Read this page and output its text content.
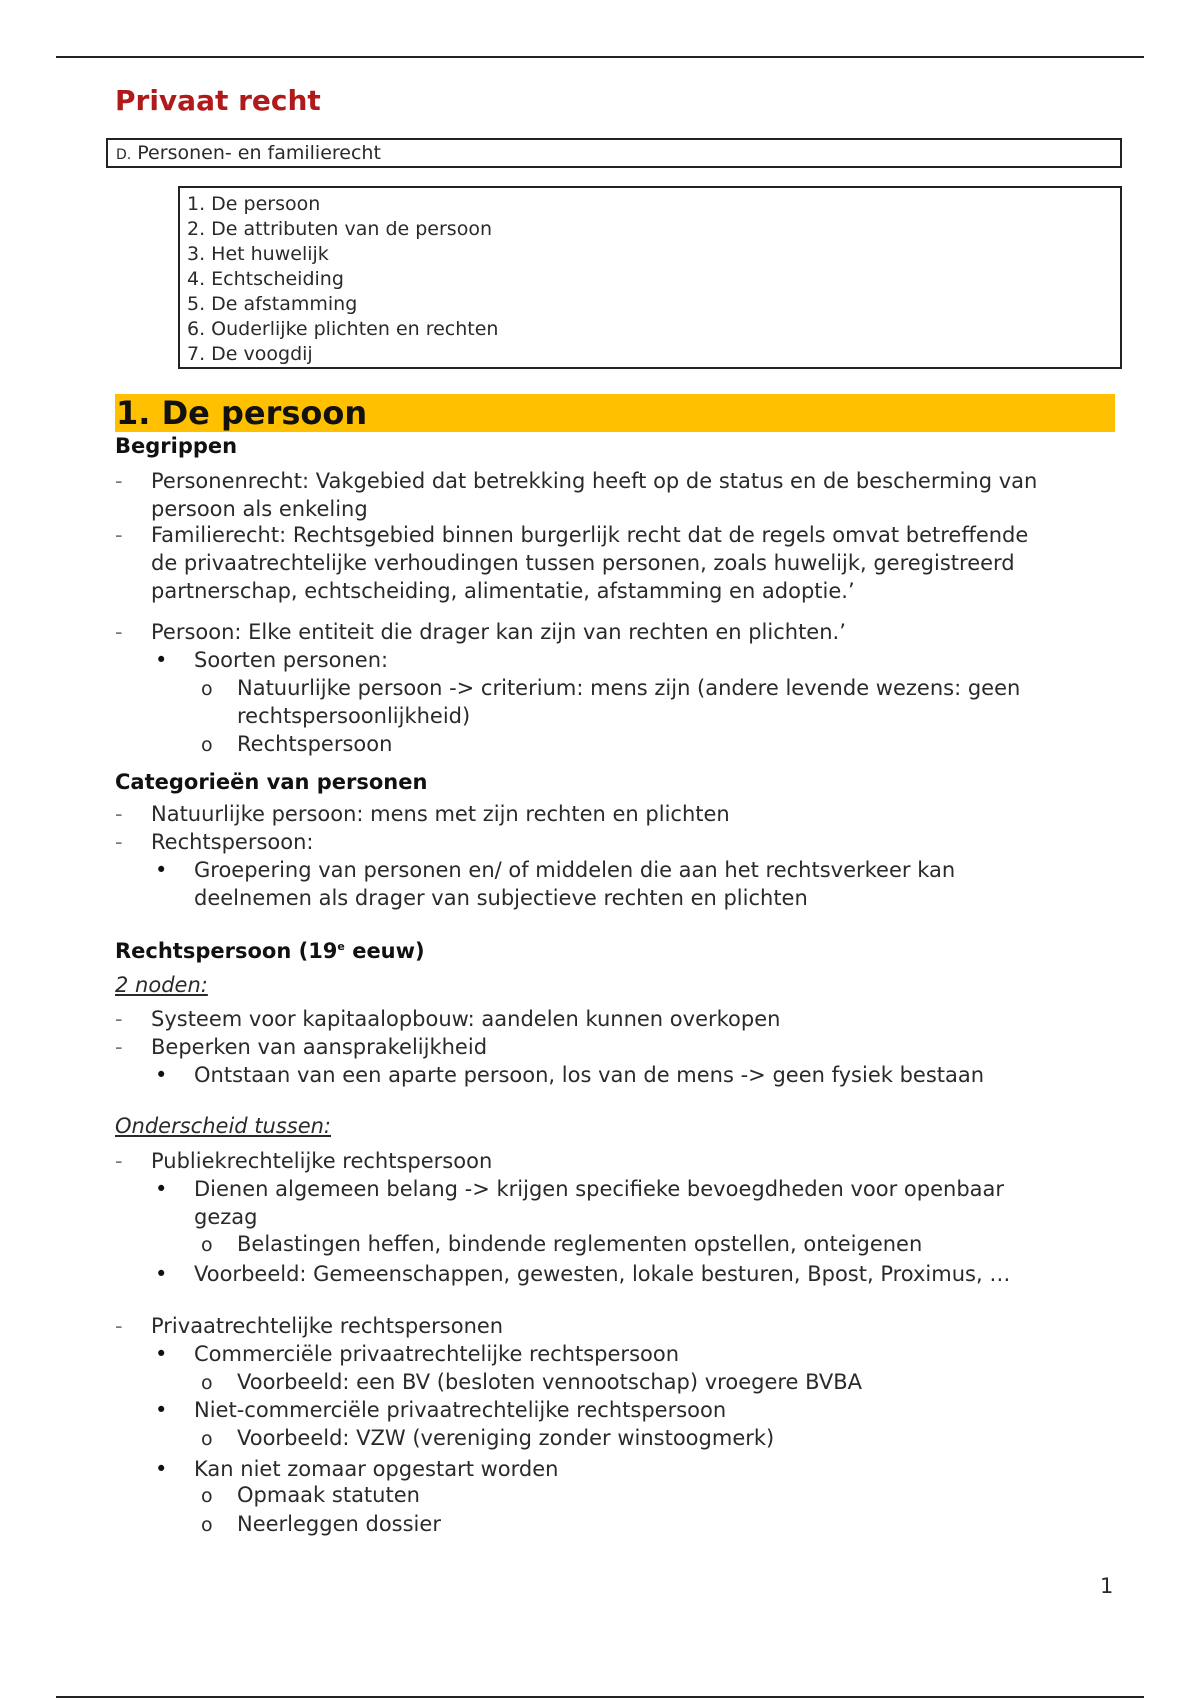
Privaat recht
D. Personen- en familierecht
1. De persoon
2. De attributen van de persoon
3. Het huwelijk
4. Echtscheiding
5. De afstamming
6. Ouderlijke plichten en rechten
7. De voogdij
1. De persoon
Begrippen
- Personenrecht: Vakgebied dat betrekking heeft op de status en de bescherming van
persoon als enkeling
- Familierecht: Rechtsgebied binnen burgerlijk recht dat de regels omvat betreffende
de privaatrechtelijke verhoudingen tussen personen, zoals huwelijk, geregistreerd
partnerschap, echtscheiding, alimentatie, afstamming en adoptie.’
- Persoon: Elke entiteit die drager kan zijn van rechten en plichten.’
• Soorten personen:
o Natuurlijke persoon -> criterium: mens zijn (andere levende wezens: geen
rechtspersoonlijkheid)
o Rechtspersoon
Categorieën van personen
- Natuurlijke persoon: mens met zijn rechten en plichten
- Rechtspersoon:
• Groepering van personen en/ of middelen die aan het rechtsverkeer kan
deelnemen als drager van subjectieve rechten en plichten
Rechtspersoon (19e eeuw)
2 noden:
- Systeem voor kapitaalopbouw: aandelen kunnen overkopen
- Beperken van aansprakelijkheid
• Ontstaan van een aparte persoon, los van de mens -> geen fysiek bestaan
Onderscheid tussen:
- Publiekrechtelijke rechtspersoon
• Dienen algemeen belang -> krijgen specifieke bevoegdheden voor openbaar
gezag
o Belastingen heffen, bindende reglementen opstellen, onteigenen
• Voorbeeld: Gemeenschappen, gewesten, lokale besturen, Bpost, Proximus, …
- Privaatrechtelijke rechtspersonen
• Commerciële privaatrechtelijke rechtspersoon
o Voorbeeld: een BV (besloten vennootschap) vroegere BVBA
• Niet-commerciële privaatrechtelijke rechtspersoon
o Voorbeeld: VZW (vereniging zonder winstoogmerk)
• Kan niet zomaar opgestart worden
o Opmaak statuten
o Neerleggen dossier
1
